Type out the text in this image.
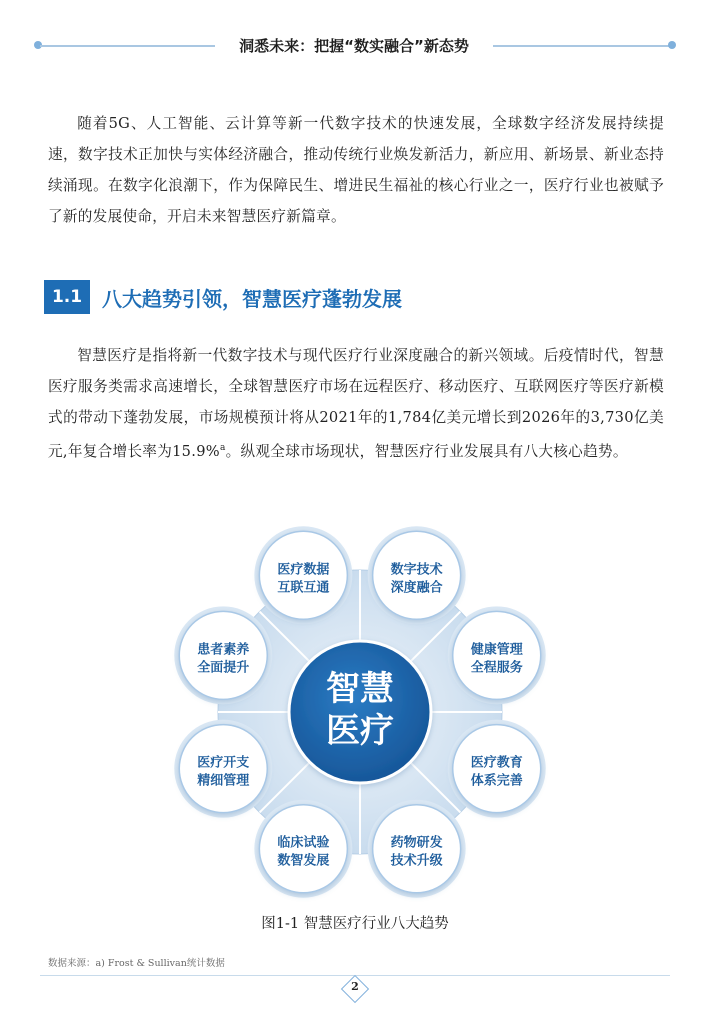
洞悉未来：把握“数实融合”新态势

随着5G、人工智能、云计算等新一代数字技术的快速发展，全球数字经济发展持续提速，数字技术正加快与实体经济融合，推动传统行业焕发新活力，新应用、新场景、新业态持续涌现。在数字化浪潮下，作为保障民生、增进民生福祉的核心行业之一，医疗行业也被赋予了新的发展使命，开启未来智慧医疗新篇章。

1.1 八大趋势引领，智慧医疗蓬勃发展

智慧医疗是指将新一代数字技术与现代医疗行业深度融合的新兴领域。后疫情时代，智慧医疗服务类需求高速增长，全球智慧医疗市场在远程医疗、移动医疗、互联网医疗等医疗新模式的带动下蓬勃发展，市场规模预计将从2021年的1,784亿美元增长到2026年的3,730亿美元,年复合增长率为15.9%$^a$。纵观全球市场现状，智慧医疗行业发展具有八大核心趋势。

数字技术
深度融合
健康管理
全程服务
医疗教育
体系完善
药物研发
技术升级
临床试验
数智发展
医疗开支
精细管理
患者素养
全面提升
医疗数据
互联互通
智慧
医疗
图1-1 智慧医疗行业八大趋势
数据来源：a) Frost & Sullivan统计数据
2
